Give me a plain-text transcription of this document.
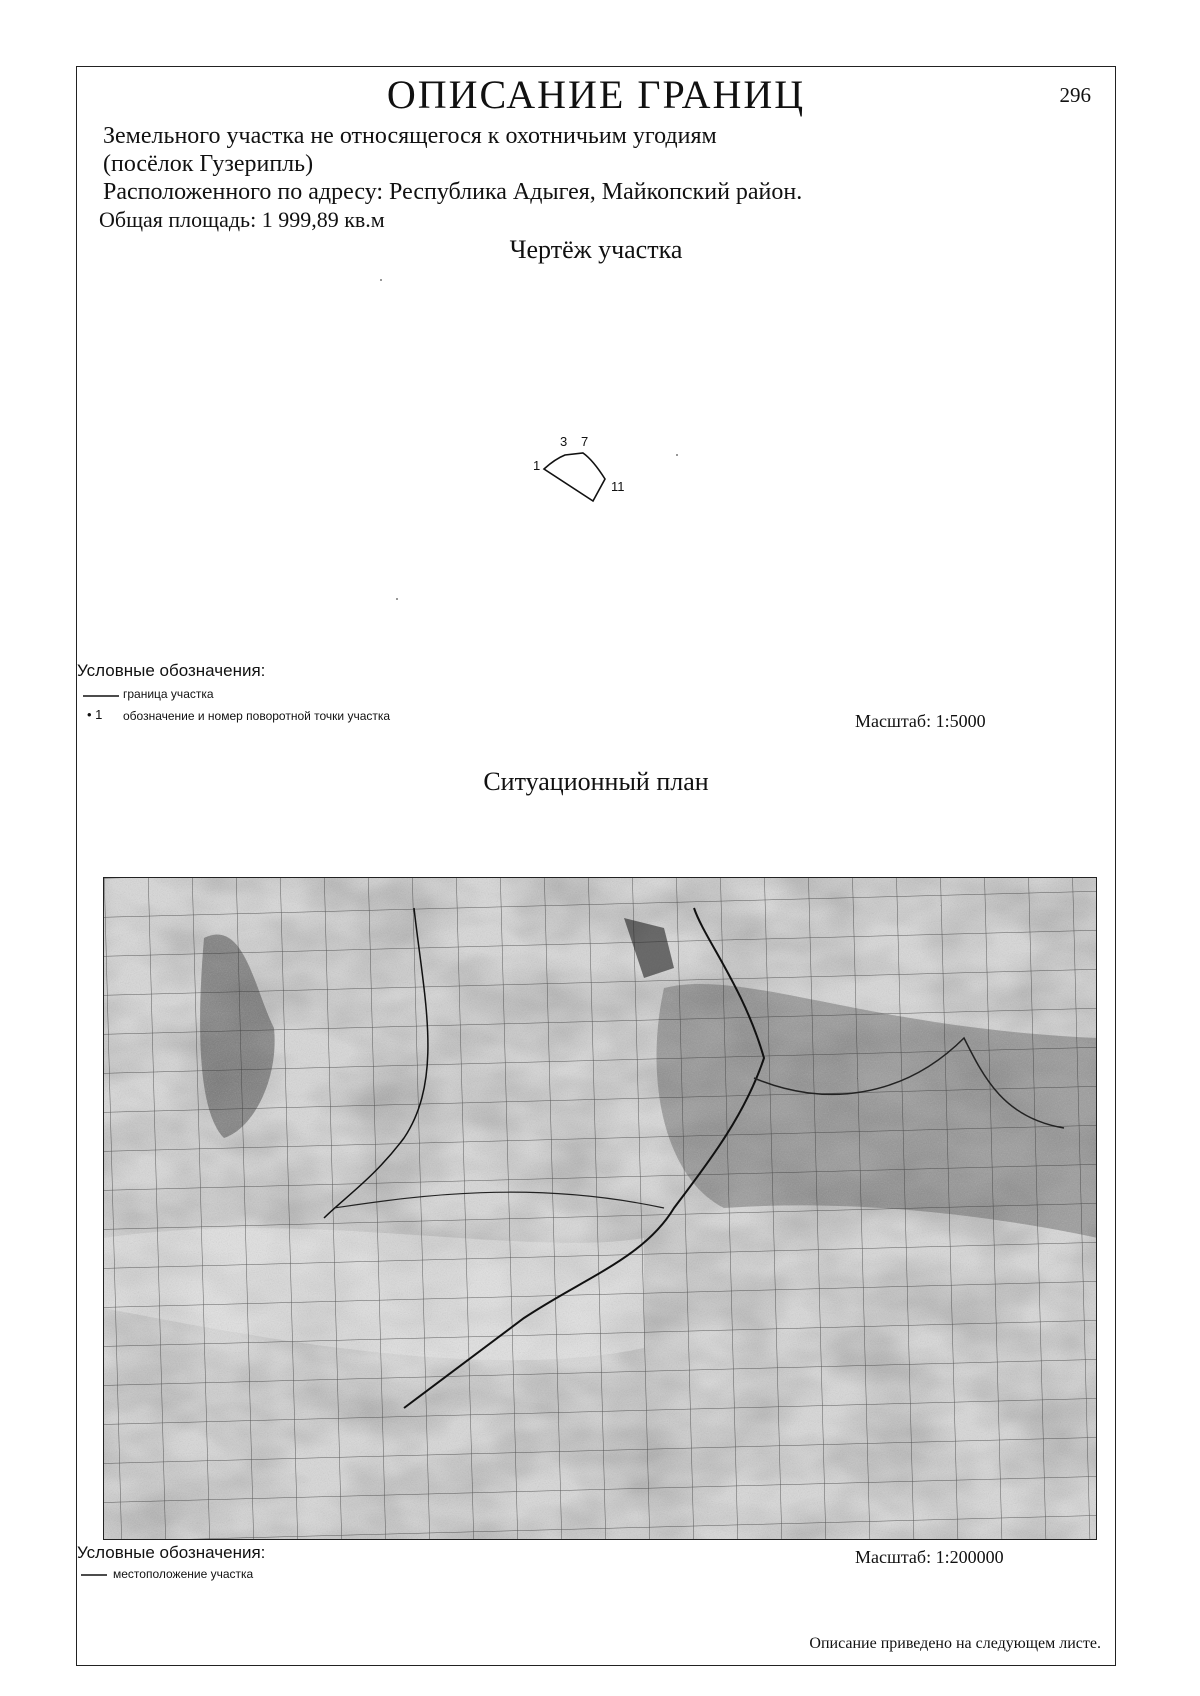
ОПИСАНИЕ ГРАНИЦ	296
Земельного участка не относящегося к охотничьим угодиям
(посёлок Гузерипль)
Расположенного по адресу: Республика Адыгея, Майкопский район.
Общая площадь: 1 999,89 кв.м
Чертёж участка
1
3 7
11
Условные обозначения:
граница участка
• 1 обозначение и номер поворотной точки участка	Масштаб: 1:5000
Ситуационный план
Условные обозначения:
местоположение участка
Масштаб: 1:200000
Описание приведено на следующем листе.
